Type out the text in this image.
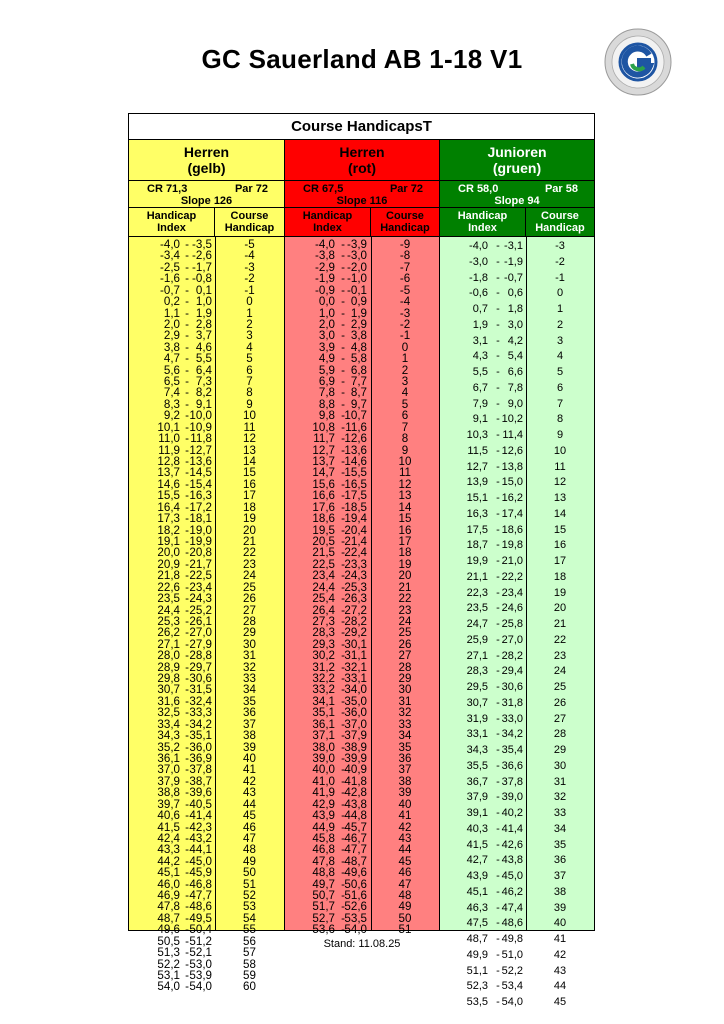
GC Sauerland AB 1-18 V1
Course HandicapsT
Herren
(gelb)
CR 71,3	Par 72
Slope 126
Handicap
Index
Course
Handicap
-4,0 - -3,5	-5
-3,4 - -2,6	-4
-2,5 - -1,7	-3
-1,6 - -0,8	-2
-0,7 - 0,1	-1
0,2 - 1,0	0
1,1 - 1,9	1
2,0 - 2,8	2
2,9 - 3,7	3
3,8 - 4,6	4
4,7 - 5,5	5
5,6 - 6,4	6
6,5 - 7,3	7
7,4 - 8,2	8
8,3 - 9,1	9
9,2 - 10,0	10
10,1 - 10,9	11
11,0 - 11,8	12
11,9 - 12,7	13
12,8 - 13,6	14
13,7 - 14,5	15
14,6 - 15,4	16
15,5 - 16,3	17
16,4 - 17,2	18
17,3 - 18,1	19
18,2 - 19,0	20
19,1 - 19,9	21
20,0 - 20,8	22
20,9 - 21,7	23
21,8 - 22,5	24
22,6 - 23,4	25
23,5 - 24,3	26
24,4 - 25,2	27
25,3 - 26,1	28
26,2 - 27,0	29
27,1 - 27,9	30
28,0 - 28,8	31
28,9 - 29,7	32
29,8 - 30,6	33
30,7 - 31,5	34
31,6 - 32,4	35
32,5 - 33,3	36
33,4 - 34,2	37
34,3 - 35,1	38
35,2 - 36,0	39
36,1 - 36,9	40
37,0 - 37,8	41
37,9 - 38,7	42
38,8 - 39,6	43
39,7 - 40,5	44
40,6 - 41,4	45
41,5 - 42,3	46
42,4 - 43,2	47
43,3 - 44,1	48
44,2 - 45,0	49
45,1 - 45,9	50
46,0 - 46,8	51
46,9 - 47,7	52
47,8 - 48,6	53
48,7 - 49,5	54
49,6 - 50,4	55
50,5 - 51,2	56
51,3 - 52,1	57
52,2 - 53,0	58
53,1 - 53,9	59
54,0 - 54,0	60
Herren
(rot)
CR 67,5	Par 72
Slope 116
Handicap
Index
Course
Handicap
-4,0 - -3,9	-9
-3,8 - -3,0	-8
-2,9 - -2,0	-7
-1,9 - -1,0	-6
-0,9 - -0,1	-5
0,0 - 0,9	-4
1,0 - 1,9	-3
2,0 - 2,9	-2
3,0 - 3,8	-1
3,9 - 4,8	0
4,9 - 5,8	1
5,9 - 6,8	2
6,9 - 7,7	3
7,8 - 8,7	4
8,8 - 9,7	5
9,8 - 10,7	6
10,8 - 11,6	7
11,7 - 12,6	8
12,7 - 13,6	9
13,7 - 14,6	10
14,7 - 15,5	11
15,6 - 16,5	12
16,6 - 17,5	13
17,6 - 18,5	14
18,6 - 19,4	15
19,5 - 20,4	16
20,5 - 21,4	17
21,5 - 22,4	18
22,5 - 23,3	19
23,4 - 24,3	20
24,4 - 25,3	21
25,4 - 26,3	22
26,4 - 27,2	23
27,3 - 28,2	24
28,3 - 29,2	25
29,3 - 30,1	26
30,2 - 31,1	27
31,2 - 32,1	28
32,2 - 33,1	29
33,2 - 34,0	30
34,1 - 35,0	31
35,1 - 36,0	32
36,1 - 37,0	33
37,1 - 37,9	34
38,0 - 38,9	35
39,0 - 39,9	36
40,0 - 40,9	37
41,0 - 41,8	38
41,9 - 42,8	39
42,9 - 43,8	40
43,9 - 44,8	41
44,9 - 45,7	42
45,8 - 46,7	43
46,8 - 47,7	44
47,8 - 48,7	45
48,8 - 49,6	46
49,7 - 50,6	47
50,7 - 51,6	48
51,7 - 52,6	49
52,7 - 53,5	50
53,6 - 54,0	51
Junioren
(gruen)
CR 58,0	Par 58
Slope 94
Handicap
Index
Course
Handicap
-4,0 - -3,1	-3
-3,0 - -1,9	-2
-1,8 - -0,7	-1
-0,6 - 0,6	0
0,7 - 1,8	1
1,9 - 3,0	2
3,1 - 4,2	3
4,3 - 5,4	4
5,5 - 6,6	5
6,7 - 7,8	6
7,9 - 9,0	7
9,1 - 10,2	8
10,3 - 11,4	9
11,5 - 12,6	10
12,7 - 13,8	11
13,9 - 15,0	12
15,1 - 16,2	13
16,3 - 17,4	14
17,5 - 18,6	15
18,7 - 19,8	16
19,9 - 21,0	17
21,1 - 22,2	18
22,3 - 23,4	19
23,5 - 24,6	20
24,7 - 25,8	21
25,9 - 27,0	22
27,1 - 28,2	23
28,3 - 29,4	24
29,5 - 30,6	25
30,7 - 31,8	26
31,9 - 33,0	27
33,1 - 34,2	28
34,3 - 35,4	29
35,5 - 36,6	30
36,7 - 37,8	31
37,9 - 39,0	32
39,1 - 40,2	33
40,3 - 41,4	34
41,5 - 42,6	35
42,7 - 43,8	36
43,9 - 45,0	37
45,1 - 46,2	38
46,3 - 47,4	39
47,5 - 48,6	40
48,7 - 49,8	41
49,9 - 51,0	42
51,1 - 52,2	43
52,3 - 53,4	44
53,5 - 54,0	45
Stand: 11.08.25
